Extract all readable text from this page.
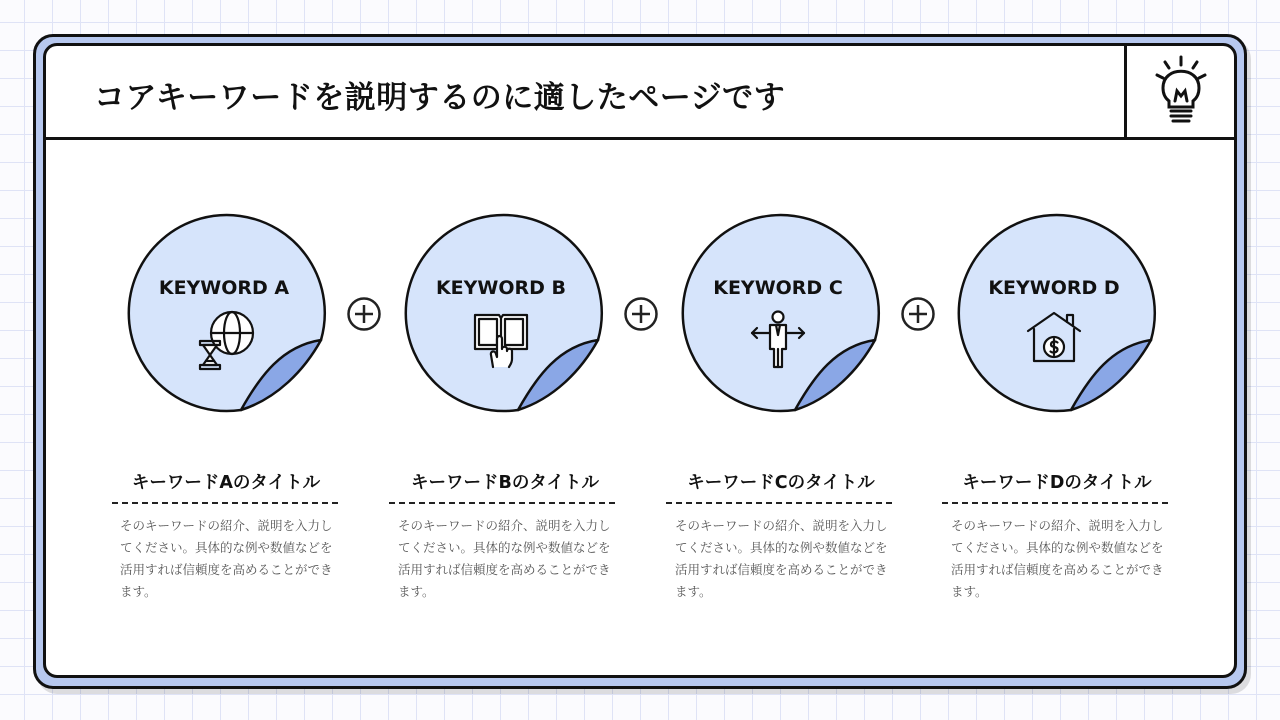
コアキーワードを説明するのに適したページです
KEYWORD A	KEYWORD B	KEYWORD C	KEYWORD D
キーワードAのタイトル
そのキーワードの紹介、説明を入力してください。具体的な例や数値などを活用すれば信頼度を高めることができます。
キーワードBのタイトル
そのキーワードの紹介、説明を入力してください。具体的な例や数値などを活用すれば信頼度を高めることができます。
キーワードCのタイトル
そのキーワードの紹介、説明を入力してください。具体的な例や数値などを活用すれば信頼度を高めることができます。
キーワードDのタイトル
そのキーワードの紹介、説明を入力してください。具体的な例や数値などを活用すれば信頼度を高めることができます。
